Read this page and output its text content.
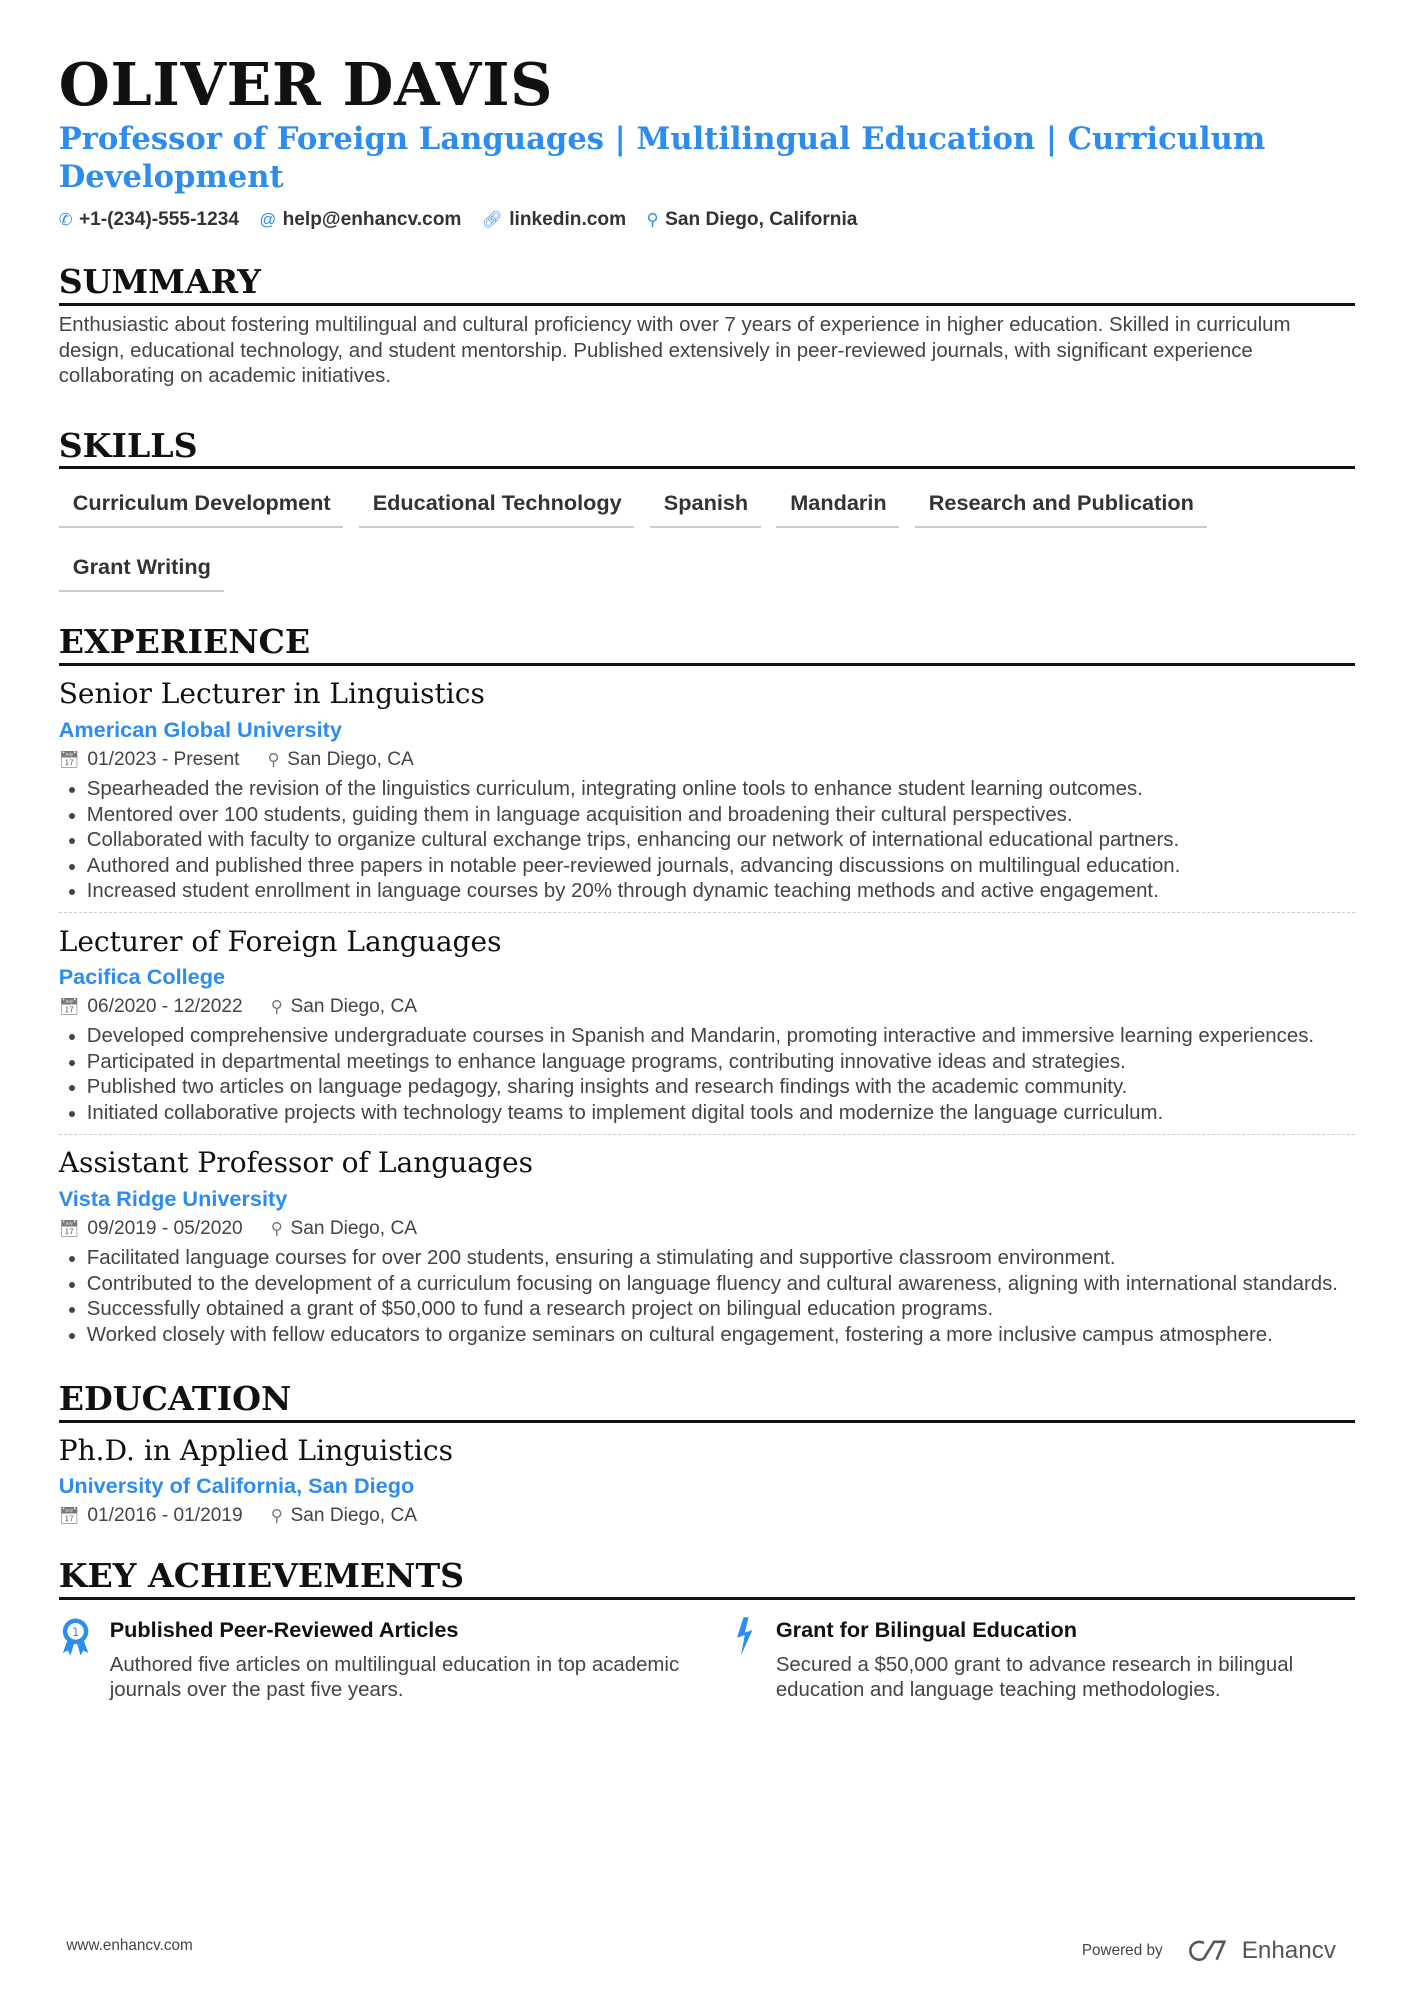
OLIVER DAVIS
Professor of Foreign Languages | Multilingual Education | Curriculum Development
✆ +1-(234)-555-1234 @ help@enhancv.com 🔗︎ linkedin.com ⚲ San Diego, California
SUMMARY
Enthusiastic about fostering multilingual and cultural proficiency with over 7 years of experience in higher education. Skilled in curriculum design, educational technology, and student mentorship. Published extensively in peer-reviewed journals, with significant experience collaborating on academic initiatives.
SKILLS
Curriculum Development	Educational Technology	Spanish	Mandarin	Research and Publication
Grant Writing
EXPERIENCE
Senior Lecturer in Linguistics
American Global University
📅︎ 01/2023 - Present ⚲ San Diego, CA
• Spearheaded the revision of the linguistics curriculum, integrating online tools to enhance student learning outcomes.
• Mentored over 100 students, guiding them in language acquisition and broadening their cultural perspectives.
• Collaborated with faculty to organize cultural exchange trips, enhancing our network of international educational partners.
• Authored and published three papers in notable peer-reviewed journals, advancing discussions on multilingual education.
• Increased student enrollment in language courses by 20% through dynamic teaching methods and active engagement.
Lecturer of Foreign Languages
Pacifica College
📅︎ 06/2020 - 12/2022 ⚲ San Diego, CA
• Developed comprehensive undergraduate courses in Spanish and Mandarin, promoting interactive and immersive learning experiences.
• Participated in departmental meetings to enhance language programs, contributing innovative ideas and strategies.
• Published two articles on language pedagogy, sharing insights and research findings with the academic community.
• Initiated collaborative projects with technology teams to implement digital tools and modernize the language curriculum.
Assistant Professor of Languages
Vista Ridge University
📅︎ 09/2019 - 05/2020 ⚲ San Diego, CA
• Facilitated language courses for over 200 students, ensuring a stimulating and supportive classroom environment.
• Contributed to the development of a curriculum focusing on language fluency and cultural awareness, aligning with international standards.
• Successfully obtained a grant of $50,000 to fund a research project on bilingual education programs.
• Worked closely with fellow educators to organize seminars on cultural engagement, fostering a more inclusive campus atmosphere.
EDUCATION
Ph.D. in Applied Linguistics
University of California, San Diego
📅︎ 01/2016 - 01/2019 ⚲ San Diego, CA
KEY ACHIEVEMENTS
1 Published Peer-Reviewed Articles

Authored five articles on multilingual education in top academic journals over the past five years.

Grant for Bilingual Education

Secured a $50,000 grant to advance research in bilingual education and language teaching methodologies.

www.enhancv.com	Powered by	Enhancv
